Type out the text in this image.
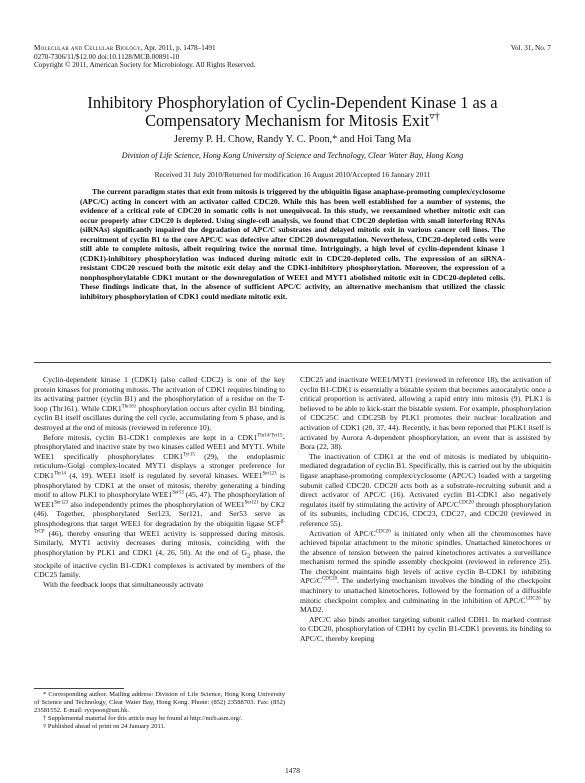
Molecular and Cellular Biology, Apr. 2011, p. 1478–1491
0270-7306/11/$12.00 doi:10.1128/MCB.00891-10
Copyright © 2011, American Society for Microbiology. All Rights Reserved.
Vol. 31, No. 7
Inhibitory Phosphorylation of Cyclin-Dependent Kinase 1 as a
Compensatory Mechanism for Mitosis Exit▿†
Jeremy P. H. Chow, Randy Y. C. Poon,* and Hoi Tang Ma
Division of Life Science, Hong Kong University of Science and Technology, Clear Water Bay, Hong Kong
Received 31 July 2010/Returned for modification 16 August 2010/Accepted 16 January 2011
The current paradigm states that exit from mitosis is triggered by the ubiquitin ligase anaphase-promoting complex/cyclosome (APC/C) acting in concert with an activator called CDC20. While this has been well established for a number of systems, the evidence of a critical role of CDC20 in somatic cells is not unequivocal. In this study, we reexamined whether mitotic exit can occur properly after CDC20 is depleted. Using single-cell analysis, we found that CDC20 depletion with small interfering RNAs (siRNAs) significantly impaired the degradation of APC/C substrates and delayed mitotic exit in various cancer cell lines. The recruitment of cyclin B1 to the core APC/C was defective after CDC20 downregulation. Nevertheless, CDC20-depleted cells were still able to complete mitosis, albeit requiring twice the normal time. Intriguingly, a high level of cyclin-dependent kinase 1 (CDK1)-inhibitory phosphorylation was induced during mitotic exit in CDC20-depleted cells. The expression of an siRNA-resistant CDC20 rescued both the mitotic exit delay and the CDK1-inhibitory phosphorylation. Moreover, the expression of a nonphosphorylatable CDK1 mutant or the downregulation of WEE1 and MYT1 abolished mitotic exit in CDC20-depleted cells. These findings indicate that, in the absence of sufficient APC/C activity, an alternative mechanism that utilized the classic inhibitory phosphorylation of CDK1 could mediate mitotic exit.

Cyclin-dependent kinase 1 (CDK1) (also called CDC2) is one of the key protein kinases for promoting mitosis. The activation of CDK1 requires binding to its activating partner (cyclin B1) and the phosphorylation of a residue on the T-loop (Thr161). While $CDK1^{Thr161}$ phosphorylation occurs after cyclin B1 binding, cyclin B1 itself oscillates during the cell cycle, accumulating from S phase, and is destroyed at the end of mitosis (reviewed in reference 10).

Before mitosis, cyclin B1-CDK1 complexes are kept in a $CDK1^{Thr14/Tyr15}$-phosphorylated and inactive state by two kinases called WEE1 and MYT1. While WEE1 specifically phosphorylates $CDK1^{Tyr15}$ (29), the endoplasmic reticulum-/Golgi complex-located MYT1 displays a stronger preference for $CDK1^{Thr14}$ (4, 19). WEE1 itself is regulated by several kinases. $WEE1^{Ser123}$ is phosphorylated by CDK1 at the onset of mitosis, thereby generating a binding motif to allow PLK1 to phosphorylate $WEE1^{Ser53}$ (45, 47). The phosphorylation of $WEE1^{Ser123}$ also independently primes the phosphorylation of $WEE1^{Ser121}$ by CK2 (46). Together, phosphorylated Ser123, Ser121, and Ser53 serve as phosphodegrons that target WEE1 for degradation by the ubiquitin ligase $SCF^{\beta-TrCP}$ (46), thereby ensuring that WEE1 activity is suppressed during mitosis. Similarly, MYT1 activity decreases during mitosis, coinciding with the phosphorylation by PLK1 and CDK1 (4, 26, 50). At the end of $G_2$ phase, the stockpile of inactive cyclin B1-CDK1 complexes is activated by members of the CDC25 family.

With the feedback loops that simultaneously activate

* Corresponding author. Mailing address: Division of Life Science, Hong Kong University of Science and Technology, Clear Water Bay, Hong Kong. Phone: (852) 23588703. Fax: (852) 23581552. E-mail: rycpoon@ust.hk.

† Supplemental material for this article may be found at http://mcb.asm.org/.

▿ Published ahead of print on 24 January 2011.

CDC25 and inactivate WEE1/MYT1 (reviewed in reference 18), the activation of cyclin B1-CDK1 is essentially a bistable system that becomes autocatalytic once a critical proportion is activated, allowing a rapid entry into mitosis (9). PLK1 is believed to be able to kick-start the bistable system. For example, phosphorylation of CDC25C and CDC25B by PLK1 promotes their nuclear localization and activation of CDK1 (20, 37, 44). Recently, it has been reported that PLK1 itself is activated by Aurora A-dependent phosphorylation, an event that is assisted by Bora (22, 38).

The inactivation of CDK1 at the end of mitosis is mediated by ubiquitin-mediated degradation of cyclin B1. Specifically, this is carried out by the ubiquitin ligase anaphase-promoting complex/cyclosome (APC/C) loaded with a targeting subunit called CDC20. CDC20 acts both as a substrate-recruiting subunit and a direct activator of APC/C (16). Activated cyclin B1-CDK1 also negatively regulates itself by stimulating the activity of APC/$C^{CDC20}$ through phosphorylation of its subunits, including CDC16, CDC23, CDC27, and CDC20 (reviewed in reference 55).

Activation of APC/$C^{CDC20}$ is initiated only when all the chromosomes have achieved bipolar attachment to the mitotic spindles. Unattached kinetochores or the absence of tension between the paired kinetochores activates a surveillance mechanism termed the spindle assembly checkpoint (reviewed in reference 25). The checkpoint maintains high levels of active cyclin B-CDK1 by inhibiting APC/$C^{CDC20}$. The underlying mechanism involves the binding of the checkpoint machinery to unattached kinetochores, followed by the formation of a diffusible mitotic checkpoint complex and culminating in the inhibition of APC/$C^{CDC20}$ by MAD2.

APC/C also binds another targeting subunit called CDH1. In marked contrast to CDC20, phosphorylation of CDH1 by cyclin B1-CDK1 prevents its binding to APC/C, thereby keeping

1478
